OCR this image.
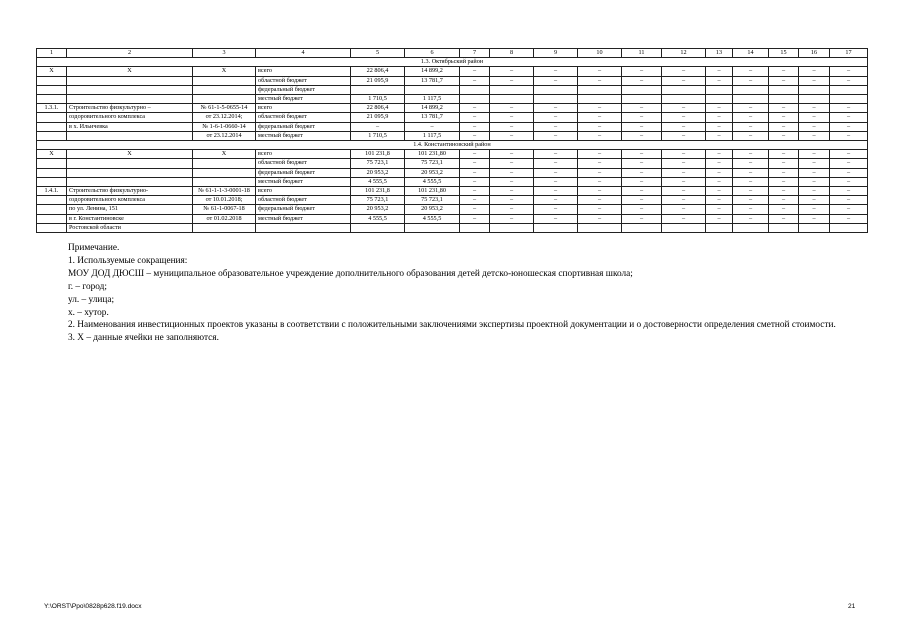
1	2	3	4	5	6	7	8	9	10	11	12	13	14	15	16	17
1.3. Октябрьский район																
Х	Х	Х	всего	22 806,4	14 899,2	–	–	–	–	–	–	–	–	–	–	–
			областной бюджет	21 095,9	13 781,7	–	–	–	–	–	–	–	–	–	–	–
			федеральный бюджет													
			местный бюджет	1 710,5	1 117,5											
1.3.1.	Строительство физкультурно –	№ 61-1-5-0655-14	всего	22 806,4	14 899,2	–	–	–	–	–	–	–	–	–	–	–
	оздоровительного комплекса	от 23.12.2014;	областной бюджет	21 095,9	13 781,7	–	–	–	–	–	–	–	–	–	–	–
	в х. Ильичевка	№ 1-6-1-0660-14	федеральный бюджет	–	–	–	–	–	–	–	–	–	–	–	–	–
		от 23.12.2014	местный бюджет	1 710,5	1 117,5	–	–	–	–	–	–	–	–	–	–	–
1.4. Константиновский район																
Х	Х	Х	всего	101 231,8	101 231,80	–	–	–	–	–	–	–	–	–	–	–
			областной бюджет	75 723,1	75 723,1	–	–	–	–	–	–	–	–	–	–	–
			федеральный бюджет	20 953,2	20 953,2	–	–	–	–	–	–	–	–	–	–	–
			местный бюджет	4 555,5	4 555,5	–	–	–	–	–	–	–	–	–	–	–
1.4.1.	Строительство физкультурно-	№ 61-1-1-3-0001-18	всего	101 231,8	101 231,80	–	–	–	–	–	–	–	–	–	–	–
	оздоровительного комплекса	от 10.01.2018;	областной бюджет	75 723,1	75 723,1	–	–	–	–	–	–	–	–	–	–	–
	по ул. Ленина, 151	№ 61-1-0067-18	федеральный бюджет	20 953,2	20 953,2	–	–	–	–	–	–	–	–	–	–	–
	в г. Константиновске	от 01.02.2018	местный бюджет	4 555,5	4 555,5	–	–	–	–	–	–	–	–	–	–	–
	Ростовской области															
Примечание.
1. Используемые сокращения:
МОУ ДОД ДЮСШ – муниципальное образовательное учреждение дополнительного образования детей детско-юношеская спортивная школа;
г. – город;
ул. – улица;
х. – хутор.
2. Наименования инвестиционных проектов указаны в соответствии с положительными заключениями экспертизы проектной документации и о достоверности определения сметной стоимости.
3. Х – данные ячейки не заполняются.
Y:\ORST\Ppo\0828p628.f19.docx	21
